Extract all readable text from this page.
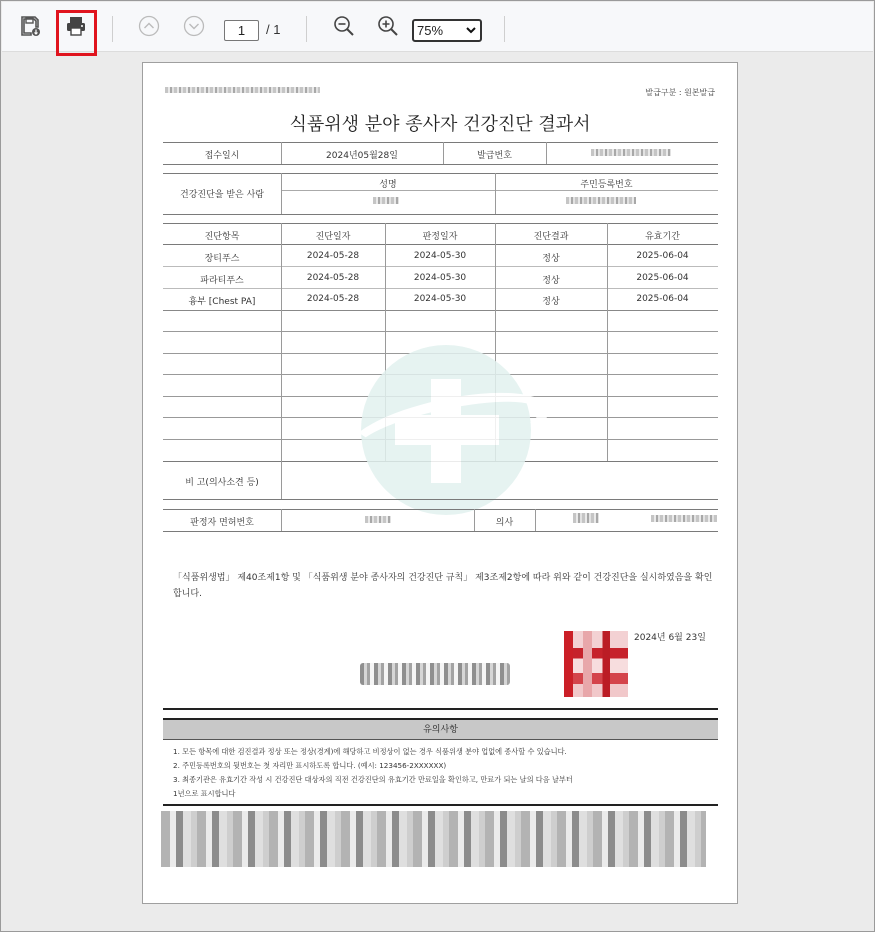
1	/ 1	75%
발급구분 : 원본발급
식품위생 분야 종사자 건강진단 결과서
접수일시	2024년05월28일	발급번호
건강진단을 받은 사람
성명	주민등록번호
진단항목	진단일자	판정일자	진단결과	유효기간
장티푸스	2024-05-28	2024-05-30	정상	2025-06-04
파라티푸스	2024-05-28	2024-05-30	정상	2025-06-04
흉부 [Chest PA]	2024-05-28	2024-05-30	정상	2025-06-04
비 고(의사소견 등)
판정자 면허번호	의사
「식품위생법」 제40조제1항 및 「식품위생 분야 종사자의 건강진단 규칙」 제3조제2항에 따라 위와 같이 건강진단을 실시하였음을 확인합니다.
2024년 6월 23일
유의사항
1. 모든 항목에 대한 검진결과 정상 또는 정상(경계)에 해당하고 비정상이 없는 경우 식품위생 분야 업없에 종사할 수 있습니다.
2. 주민등록번호의 뒷번호는 첫 자리만 표시하도록 합니다. (예시: 123456-2XXXXXX)
3. 최종기관은 유효기간 작성 시 건강진단 대상자의 직전 건강진단의 유효기간 만료일을 확인하고, 만료가 되는 날의 다음 날부터
1년으로 표시합니다
